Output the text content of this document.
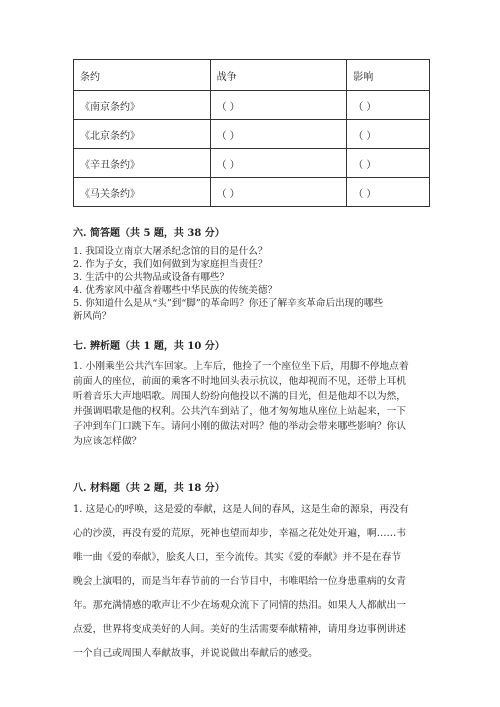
条约	战争	影响
《南京条约》	（ ）	（ ）
《北京条约》	（ ）	（ ）
《辛丑条约》	（ ）	（ ）
《马关条约》	（ ）	（ ）

六. 简答题（共 5 题，共 38 分）

1. 我国设立南京大屠杀纪念馆的目的是什么？

2. 作为子女，我们如何做到为家庭担当责任？

3. 生活中的公共物品或设备有哪些？

4. 优秀家风中蕴含着哪些中华民族的传统美德？

5. 你知道什么是从“头”到“脚”的革命吗？你还了解辛亥革命后出现的哪些

新风尚？

七. 辨析题（共 1 题，共 10 分）

1. 小刚乘坐公共汽车回家。上车后，他捡了一个座位坐下后，用脚不停地点着

前面人的座位，前面的乘客不时地回头表示抗议，他却视而不见，还带上耳机

听着音乐大声地唱歌。周围人纷纷向他投以不满的目光，但是他却不以为然，

并强调唱歌是他的权利。公共汽车到站了，他才匆匆地从座位上站起来，一下

子冲到车门口跳下车。请问小刚的做法对吗？他的举动会带来哪些影响？你认

为应该怎样做？

八. 材料题（共 2 题，共 18 分）

1. 这是心的呼唤，这是爱的奉献，这是人间的春风，这是生命的源泉，再没有

心的沙漠，再没有爱的荒原，死神也望而却步，幸福之花处处开遍，啊……韦

唯一曲《爱的奉献》，脍炙人口，至今流传。其实《爱的奉献》并不是在春节

晚会上演唱的，而是当年春节前的一台节目中，韦唯唱给一位身患重病的女青

年。那充满情感的歌声让不少在场观众流下了同情的热泪。如果人人都献出一

点爱，世界将变成美好的人间。美好的生活需要奉献精神，请用身边事例讲述

一个自己或周围人奉献故事，并说说做出奉献后的感受。
